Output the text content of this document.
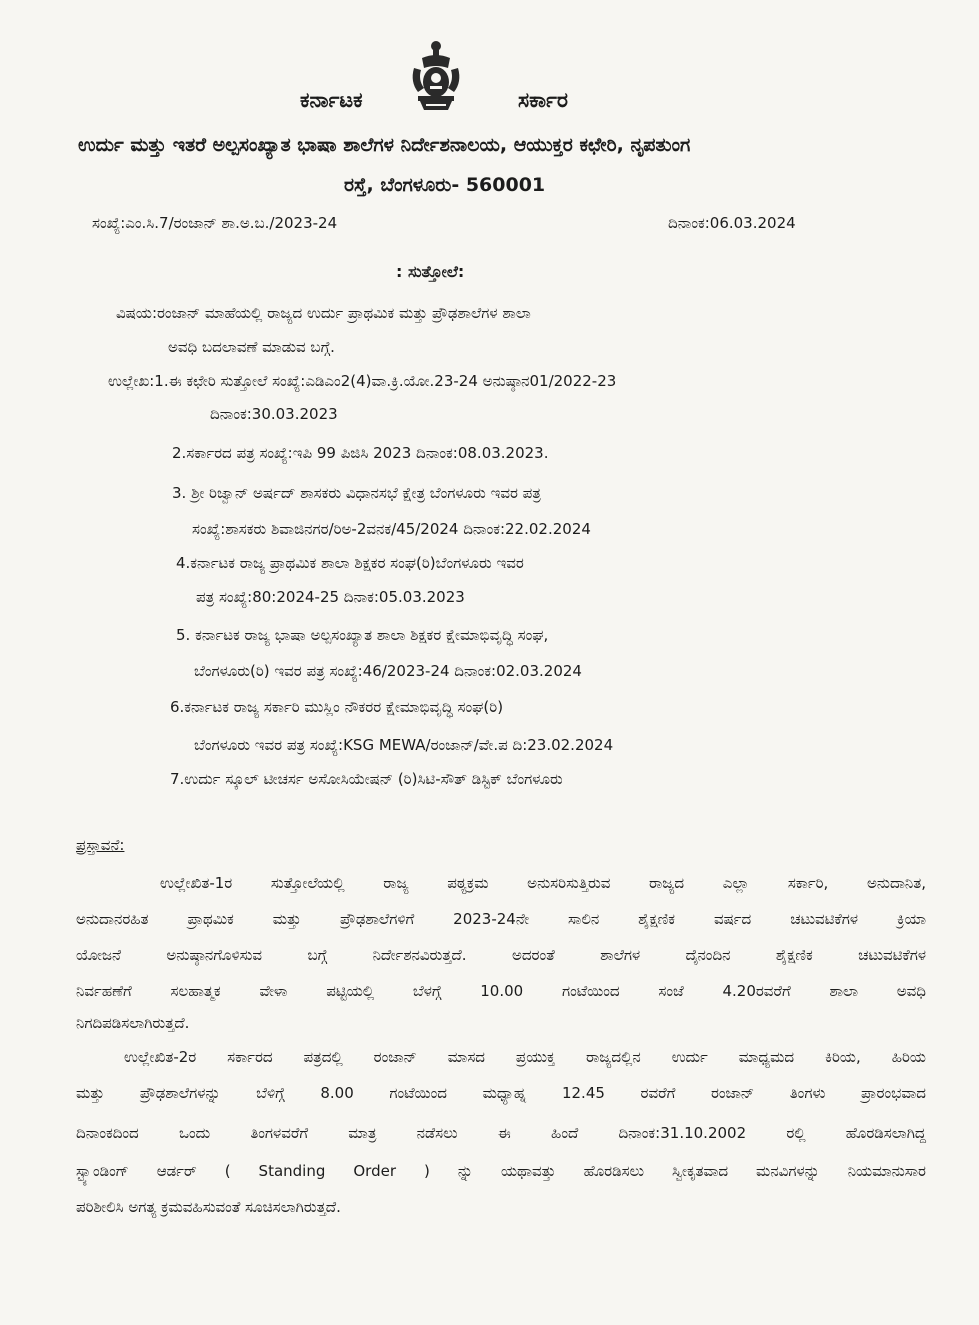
ಕರ್ನಾಟಕ	ಸರ್ಕಾರ
ಉರ್ದು ಮತ್ತು ಇತರೆ ಅಲ್ಪಸಂಖ್ಯಾತ ಭಾಷಾ ಶಾಲೆಗಳ ನಿರ್ದೇಶನಾಲಯ, ಆಯುಕ್ತರ ಕಛೇರಿ, ನೃಪತುಂಗ
ರಸ್ತೆ, ಬೆಂಗಳೂರು- 560001
ಸಂಖ್ಯೆ:ಎಂ.ಸಿ.7/ರಂಜಾನ್ ಶಾ.ಅ.ಬ./2023-24	ದಿನಾಂಕ:06.03.2024
: ಸುತ್ತೋಲೆ:
ವಿಷಯ:ರಂಜಾನ್ ಮಾಹೆಯಲ್ಲಿ ರಾಜ್ಯದ ಉರ್ದು ಪ್ರಾಥಮಿಕ ಮತ್ತು ಪ್ರೌಢಶಾಲೆಗಳ ಶಾಲಾ
ಅವಧಿ ಬದಲಾವಣೆ ಮಾಡುವ ಬಗ್ಗೆ.
ಉಲ್ಲೇಖ:1.ಈ ಕಛೇರಿ ಸುತ್ತೋಲೆ ಸಂಖ್ಯೆ:ಎಡಿಎಂ2(4)ವಾ.ಕ್ರಿ.ಯೋ.23-24 ಅನುಷ್ಠಾನ01/2022-23
ದಿನಾಂಕ:30.03.2023
2.ಸರ್ಕಾರದ ಪತ್ರ ಸಂಖ್ಯೆ:ಇಪಿ 99 ಪಿಜಿಸಿ 2023 ದಿನಾಂಕ:08.03.2023.
3. ಶ್ರೀ ರಿಜ್ವಾನ್ ಅರ್ಷದ್ ಶಾಸಕರು ವಿಧಾನಸಭೆ ಕ್ಷೇತ್ರ ಬೆಂಗಳೂರು ಇವರ ಪತ್ರ
ಸಂಖ್ಯೆ:ಶಾಸಕರು ಶಿವಾಜಿನಗರ/ರಿಅ-2ವನಕ/45/2024 ದಿನಾಂಕ:22.02.2024
4.ಕರ್ನಾಟಕ ರಾಜ್ಯ ಪ್ರಾಥಮಿಕ ಶಾಲಾ ಶಿಕ್ಷಕರ ಸಂಘ(ರಿ)ಬೆಂಗಳೂರು ಇವರ
ಪತ್ರ ಸಂಖ್ಯೆ:80:2024-25 ದಿನಾಕ:05.03.2023
5. ಕರ್ನಾಟಕ ರಾಜ್ಯ ಭಾಷಾ ಅಲ್ಪಸಂಖ್ಯಾತ ಶಾಲಾ ಶಿಕ್ಷಕರ ಕ್ಷೇಮಾಭಿವೃದ್ಧಿ ಸಂಘ,
ಬೆಂಗಳೂರು(ರಿ) ಇವರ ಪತ್ರ ಸಂಖ್ಯೆ:46/2023-24 ದಿನಾಂಕ:02.03.2024
6.ಕರ್ನಾಟಕ ರಾಜ್ಯ ಸರ್ಕಾರಿ ಮುಸ್ಲಿಂ ನೌಕರರ ಕ್ಷೇಮಾಭಿವೃದ್ಧಿ ಸಂಘ(ರಿ)
ಬೆಂಗಳೂರು ಇವರ ಪತ್ರ ಸಂಖ್ಯೆ:KSG MEWA/ರಂಜಾನ್/ವೇ.ಪ ದಿ:23.02.2024
7.ಉರ್ದು ಸ್ಕೂಲ್ ಟೀಚರ್ಸ ಅಸೋಸಿಯೇಷನ್ (ರಿ)ಸಿಟಿ-ಸೌತ್ ಡಿಸ್ಟಿಕ್ ಬೆಂಗಳೂರು
ಪ್ರಸ್ತಾವನೆ:
ಉಲ್ಲೇಖಿತ-1ರ ಸುತ್ತೋಲೆಯಲ್ಲಿ ರಾಜ್ಯ ಪಠ್ಯಕ್ರಮ ಅನುಸರಿಸುತ್ತಿರುವ ರಾಜ್ಯದ ಎಲ್ಲಾ ಸರ್ಕಾರಿ, ಅನುದಾನಿತ,
ಅನುದಾನರಹಿತ ಪ್ರಾಥಮಿಕ ಮತ್ತು ಪ್ರೌಢಶಾಲೆಗಳಿಗೆ 2023-24ನೇ ಸಾಲಿನ ಶೈಕ್ಷಣಿಕ ವರ್ಷದ ಚಟುವಟಿಕೆಗಳ ಕ್ರಿಯಾ
ಯೋಜನೆ ಅನುಷ್ಠಾನಗೊಳಿಸುವ ಬಗ್ಗೆ ನಿರ್ದೇಶನವಿರುತ್ತದೆ. ಅದರಂತೆ ಶಾಲೆಗಳ ದೈನಂದಿನ ಶೈಕ್ಷಣಿಕ ಚಟುವಟಿಕೆಗಳ
ನಿರ್ವಹಣೆಗೆ ಸಲಹಾತ್ಮಕ ವೇಳಾ ಪಟ್ಟಿಯಲ್ಲಿ ಬೆಳಗ್ಗೆ 10.00 ಗಂಟೆಯಿಂದ ಸಂಜೆ 4.20ರವರೆಗೆ ಶಾಲಾ ಅವಧಿ
ನಿಗದಿಪಡಿಸಲಾಗಿರುತ್ತದೆ.
ಉಲ್ಲೇಖಿತ-2ರ ಸರ್ಕಾರದ ಪತ್ರದಲ್ಲಿ ರಂಜಾನ್ ಮಾಸದ ಪ್ರಯುಕ್ತ ರಾಜ್ಯದಲ್ಲಿನ ಉರ್ದು ಮಾಧ್ಯಮದ ಕಿರಿಯ, ಹಿರಿಯ
ಮತ್ತು ಪ್ರೌಢಶಾಲೆಗಳನ್ನು ಬೆಳಿಗ್ಗೆ 8.00 ಗಂಟೆಯಿಂದ ಮಧ್ಯಾಹ್ನ 12.45 ರವರೆಗೆ ರಂಜಾನ್ ತಿಂಗಳು ಪ್ರಾರಂಭವಾದ
ದಿನಾಂಕದಿಂದ ಒಂದು ತಿಂಗಳವರೆಗೆ ಮಾತ್ರ ನಡೆಸಲು ಈ ಹಿಂದೆ ದಿನಾಂಕ:31.10.2002 ರಲ್ಲಿ ಹೊರಡಿಸಲಾಗಿದ್ದ
ಸ್ಟ್ಯಾಂಡಿಂಗ್ ಆರ್ಡರ್ ( Standing Order ) ನ್ನು ಯಥಾವತ್ತು ಹೊರಡಿಸಲು ಸ್ವೀಕೃತವಾದ ಮನವಿಗಳನ್ನು ನಿಯಮಾನುಸಾರ
ಪರಿಶೀಲಿಸಿ ಅಗತ್ಯ ಕ್ರಮವಹಿಸುವಂತೆ ಸೂಚಿಸಲಾಗಿರುತ್ತದೆ.
